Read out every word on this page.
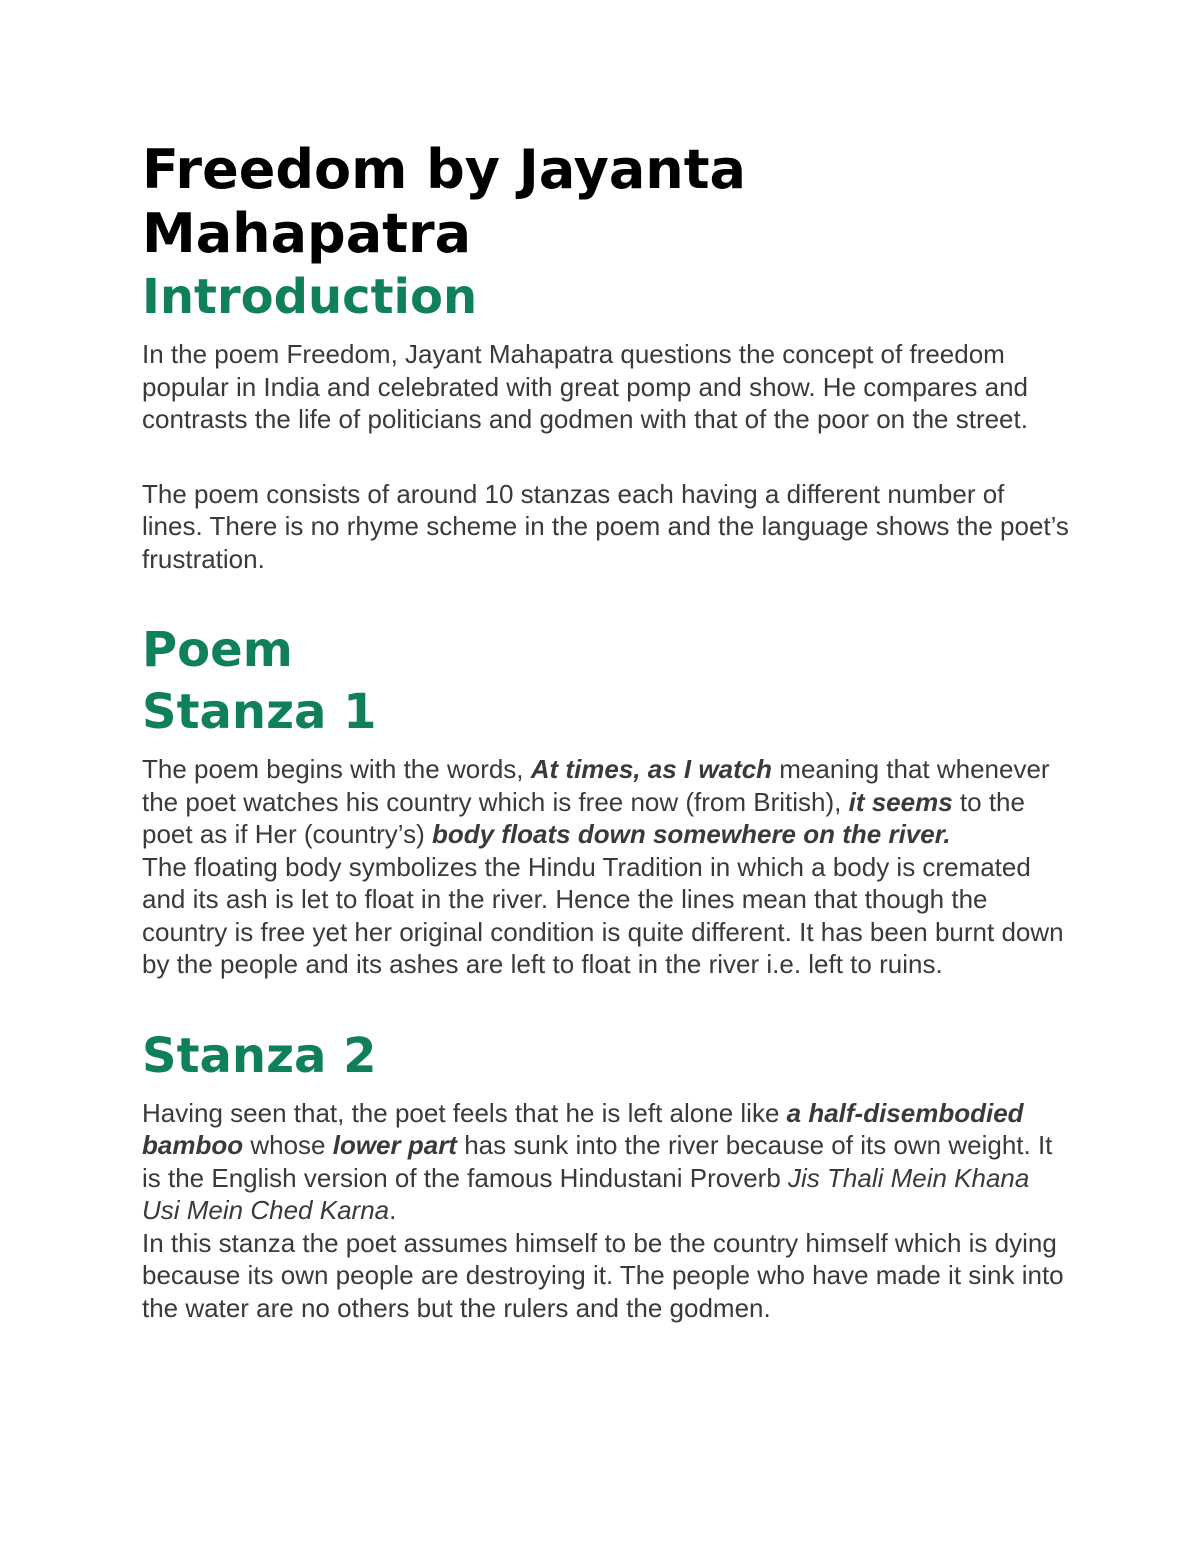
Freedom by Jayanta Mahapatra
Introduction

In the poem Freedom, Jayant Mahapatra questions the concept of freedom popular in India and celebrated with great pomp and show. He compares and contrasts the life of politicians and godmen with that of the poor on the street.

The poem consists of around 10 stanzas each having a different number of lines. There is no rhyme scheme in the poem and the language shows the poet’s frustration.

Poem
Stanza 1

The poem begins with the words, At times, as I watch meaning that whenever the poet watches his country which is free now (from British), it seems to the poet as if Her (country’s) body floats down somewhere on the river.

The floating body symbolizes the Hindu Tradition in which a body is cremated and its ash is let to float in the river. Hence the lines mean that though the country is free yet her original condition is quite different. It has been burnt down by the people and its ashes are left to float in the river i.e. left to ruins.

Stanza 2

Having seen that, the poet feels that he is left alone like a half-disembodied bamboo whose lower part has sunk into the river because of its own weight. It is the English version of the famous Hindustani Proverb Jis Thali Mein Khana Usi Mein Ched Karna.

In this stanza the poet assumes himself to be the country himself which is dying because its own people are destroying it. The people who have made it sink into the water are no others but the rulers and the godmen.
